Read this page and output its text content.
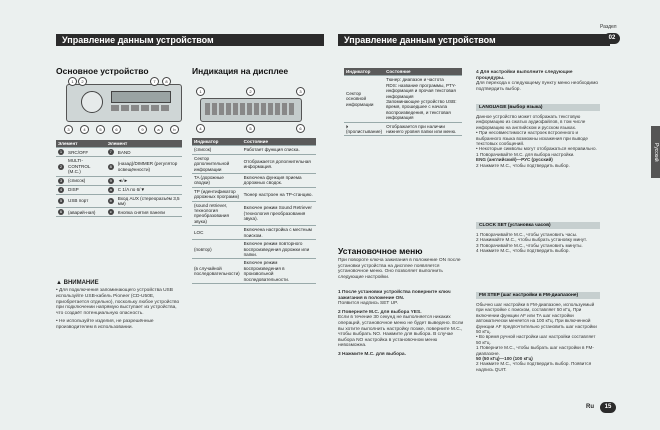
Управление данным устройством
Основное устройство	Индикация на дисплее
1	2	7	8
3	4	5	6	9	a	b
1	2	3
4	5	6
Элемент		Элемент	
1	SRC/OFF	7	BAND
2	MULTI-CONTROL (M.C.)	8	(назад)/DIMMER (регулятор освещённости)
3	(список)	9	◄/►
4	DISP	a	C 1/Λ по 6/▼
5	USB порт	b	Вход AUX (стереоразъём 3,5 мм)
6	(аварий-ная)	c	Кнопка снятия панели
▲ ВНИМАНИЕ
• Для подключения запоминающего устройства USB используйте USB-кабель Pioneer (CD-U50E, приобретается отдельно), поскольку любое устройство при подключении напрямую выступает из устройства, что создаёт потенциальную опасность.
• Не используйте изделия, не разрешённые производителем в использовании.
Индикатор	Состояние
(список)	Работает функция списка.
Сектор дополнительной информации	Отображается дополнительная информация.
TA (дорожные сводки)	Включена функция приема дорожных сводок.
TP (идентификатор дорожных программ)	Тюнер настроен на TP-станцию.
(sound retriever, технология преобразования звука)	Включен режим Sound Retriever (технология преобразования звука).
LOC	Включена настройка с местным поиском.
(повтор)	Включен режим повторного воспроизведения дорожки или папки.
(в случайной последовательности)	Включен режим воспроизведения в произвольной последовательности.
Управление данным устройством
Раздел
02
Русский
Индикатор	Состояние
Сектор основной информации	Тюнер: диапазон и частота
RDS: название программы, PTY-информация и прочая текстовая информация
Запоминающее устройство USB: время, прошедшее с начала воспроизведения, и текстовая информация

⏵ (пролистывание)	Отображается при наличии нижнего уровня папки или меню.
Установочное меню
При повороте ключа зажигания в положение ON после установки устройства на дисплее появляется установочное меню. Оно позволяет выполнить следующие настройки.
1 После установки устройства поверните ключ зажигания в положение ON.
Появится надпись SET UP.
2 Поверните M.C. для выбора YES.
Если в течение 30 секунд не выполняется никаких операций, установочное меню не будет выведено. Если вы хотите выполнить настройку позже, поверните M.C., чтобы выбрать NO. Нажмите для выбора. В случае выбора NO настройка в установочном меню невозможна.
3 Нажмите M.C. для выбора.
4 Для настройки выполните следующие процедуры.
Для перехода к следующему пункту меню необходимо подтвердить выбор.
LANGUAGE (выбор языка)
Данное устройство может отображать текстовую информацию из сжатых аудиофайлов, в том числе информацию на английском и русском языках.
• При несовместимости настроек встроенного и выбранного языка возможны искажения при выводе текстовых сообщений.
• Некоторые символы могут отображаться неправильно.
1 Поворачивайте M.C. для выбора настройки.
ENG (английский)—РУС (русский)
2 Нажмите M.C., чтобы подтвердить выбор.
CLOCK SET (установка часов)
1 Поворачивайте M.C., чтобы установить часы.
2 Нажимайте M.C., чтобы выбрать установку минут.
3 Поворачивайте M.C., чтобы установить минуты.
4 Нажмите M.C., чтобы подтвердить выбор.
FM STEP (шаг настройки в FM-диапазоне)
Обычно шаг настройки в FM-диапазоне, используемый при настройке с поиском, составляет 50 кГц. При включении функции AF или TA шаг настройки автоматически меняется на 100 кГц. При включенной функции AF предпочтительно установить шаг настройки 50 кГц.
• Во время ручной настройки шаг настройки составляет 50 кГц.
1 Поверните M.C., чтобы выбрать шаг настройки в FM-диапазоне.
50 (50 кГц)—100 (100 кГц)
2 Нажмите M.C., чтобы подтвердить выбор. Появится надпись QUIT.
Ru	15
